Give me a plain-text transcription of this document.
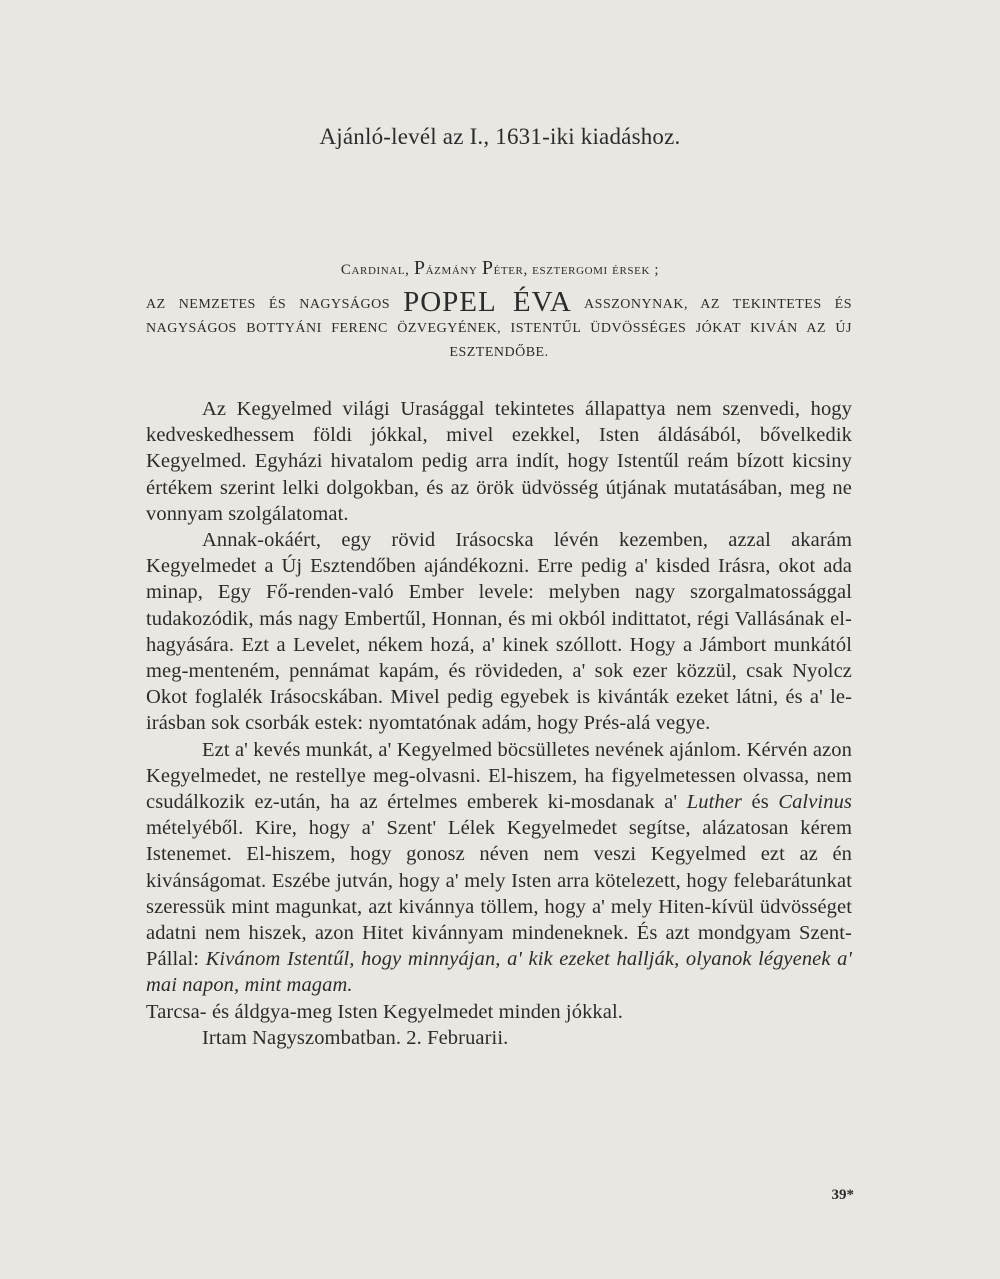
Ajánló-levél az I., 1631-iki kiadáshoz.
Cardinal, Pázmány Péter, esztergomi érsek ;
AZ NEMZETES ÉS NAGYSÁGOS POPEL ÉVA ASSZONYNAK, AZ TEKINTETES ÉS NAGYSÁGOS BOTTYÁNI FERENC ÖZVEGYÉNEK, ISTENTŰL ÜDVÖSSÉGES JÓKAT KIVÁN AZ ÚJ ESZTENDŐBE.

Az Kegyelmed világi Urasággal tekintetes állapattya nem szenvedi, hogy kedveskedhessem földi jókkal, mivel ezekkel, Isten áldásából, bővelkedik Kegyelmed. Egyházi hivatalom pedig arra indít, hogy Istentűl reám bízott kicsiny értékem szerint lelki dolgokban, és az örök üdvösség útjának mutatásában, meg ne vonnyam szolgálatomat.

Annak-okáért, egy rövid Irásocska lévén kezemben, azzal akarám Kegyelmedet a Új Esztendőben ajándékozni. Erre pedig a' kisded Irásra, okot ada minap, Egy Fő-renden-való Ember levele: melyben nagy szorgalmatossággal tudakozódik, más nagy Embertűl, Honnan, és mi okból indittatot, régi Vallásának el-hagyására. Ezt a Levelet, nékem hozá, a' kinek szóllott. Hogy a Jámbort munkától meg-menteném, pennámat kapám, és rövideden, a' sok ezer közzül, csak Nyolcz Okot foglalék Irásocskában. Mivel pedig egyebek is kivánták ezeket látni, és a' le-irásban sok csorbák estek: nyomtatónak adám, hogy Prés-alá vegye.

Ezt a' kevés munkát, a' Kegyelmed böcsülletes nevének ajánlom. Kérvén azon Kegyelmedet, ne restellye meg-olvasni. El-hiszem, ha figyelmetessen olvassa, nem csudálkozik ez-után, ha az értelmes emberek ki-mosdanak a' Luther és Calvinus mételyéből. Kire, hogy a' Szent' Lélek Kegyelmedet segítse, alázatosan kérem Istenemet. El-hiszem, hogy gonosz néven nem veszi Kegyelmed ezt az én kivánságomat. Eszébe jutván, hogy a' mely Isten arra kötelezett, hogy felebarátunkat szeressük mint magunkat, azt kivánnya töllem, hogy a' mely Hiten-kívül üdvösséget adatni nem hiszek, azon Hitet kivánnyam mindeneknek. És azt mondgyam Szent-Pállal: Kivánom Istentűl, hogy minnyájan, a' kik ezeket hallják, olyanok légyenek a' mai napon, mint magam.

Tarcsa- és áldgya-meg Isten Kegyelmedet minden jókkal.

Irtam Nagyszombatban. 2. Februarii.

39*
